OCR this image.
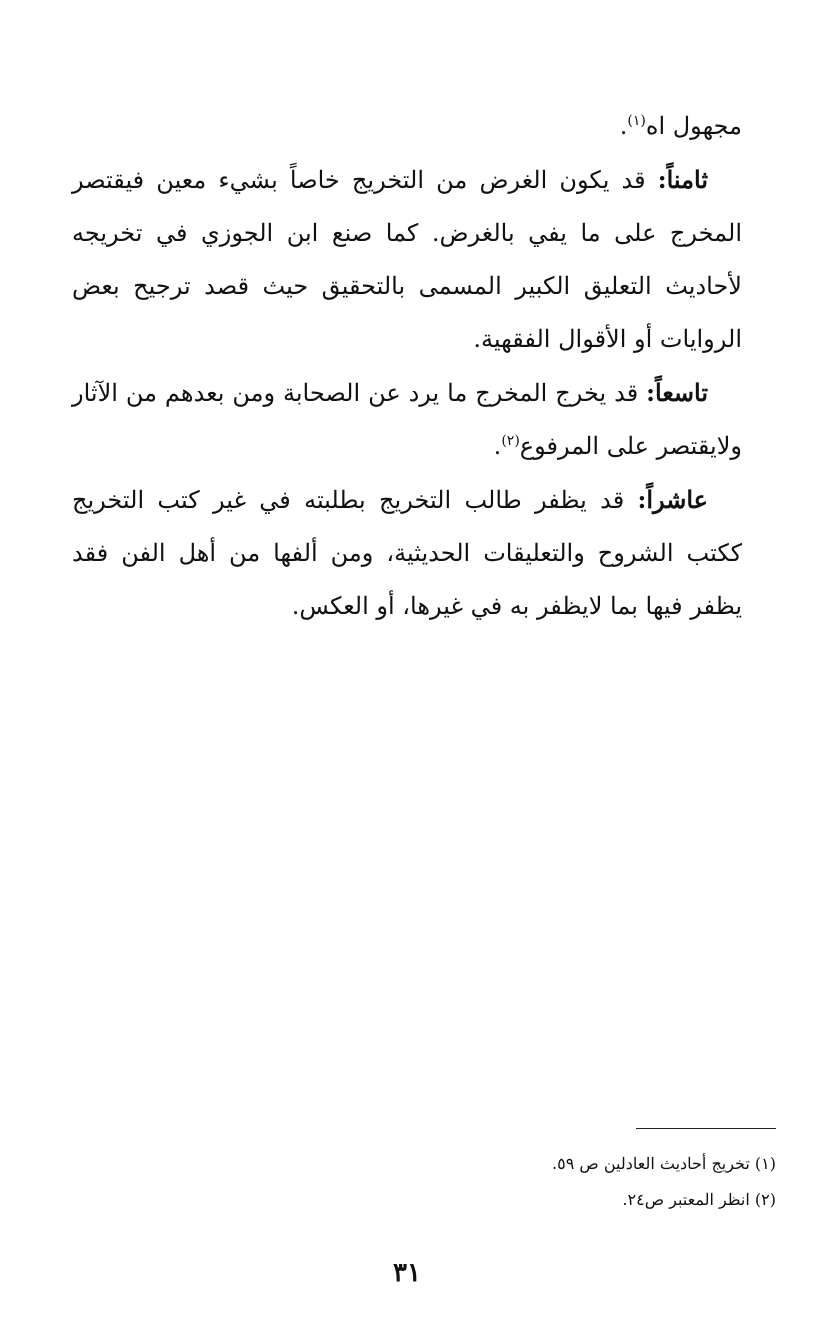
مجهول اه$^{(١)}$.

ثامناً: قد يكون الغرض من التخريج خاصاً بشيء معين فيقتصر المخرج على ما يفي بالغرض. كما صنع ابن الجوزي في تخريجه لأحاديث التعليق الكبير المسمى بالتحقيق حيث قصد ترجيح بعض الروايات أو الأقوال الفقهية.

تاسعاً: قد يخرج المخرج ما يرد عن الصحابة ومن بعدهم من الآثار ولايقتصر على المرفوع$^{(٢)}$.

عاشراً: قد يظفر طالب التخريج بطلبته في غير كتب التخريج ككتب الشروح والتعليقات الحديثية، ومن ألفها من أهل الفن فقد يظفر فيها بما لايظفر به في غيرها، أو العكس.

(١) تخريج أحاديث العادلين ص ٥٩.

(٢) انظر المعتبر ص٢٤.

٣١
